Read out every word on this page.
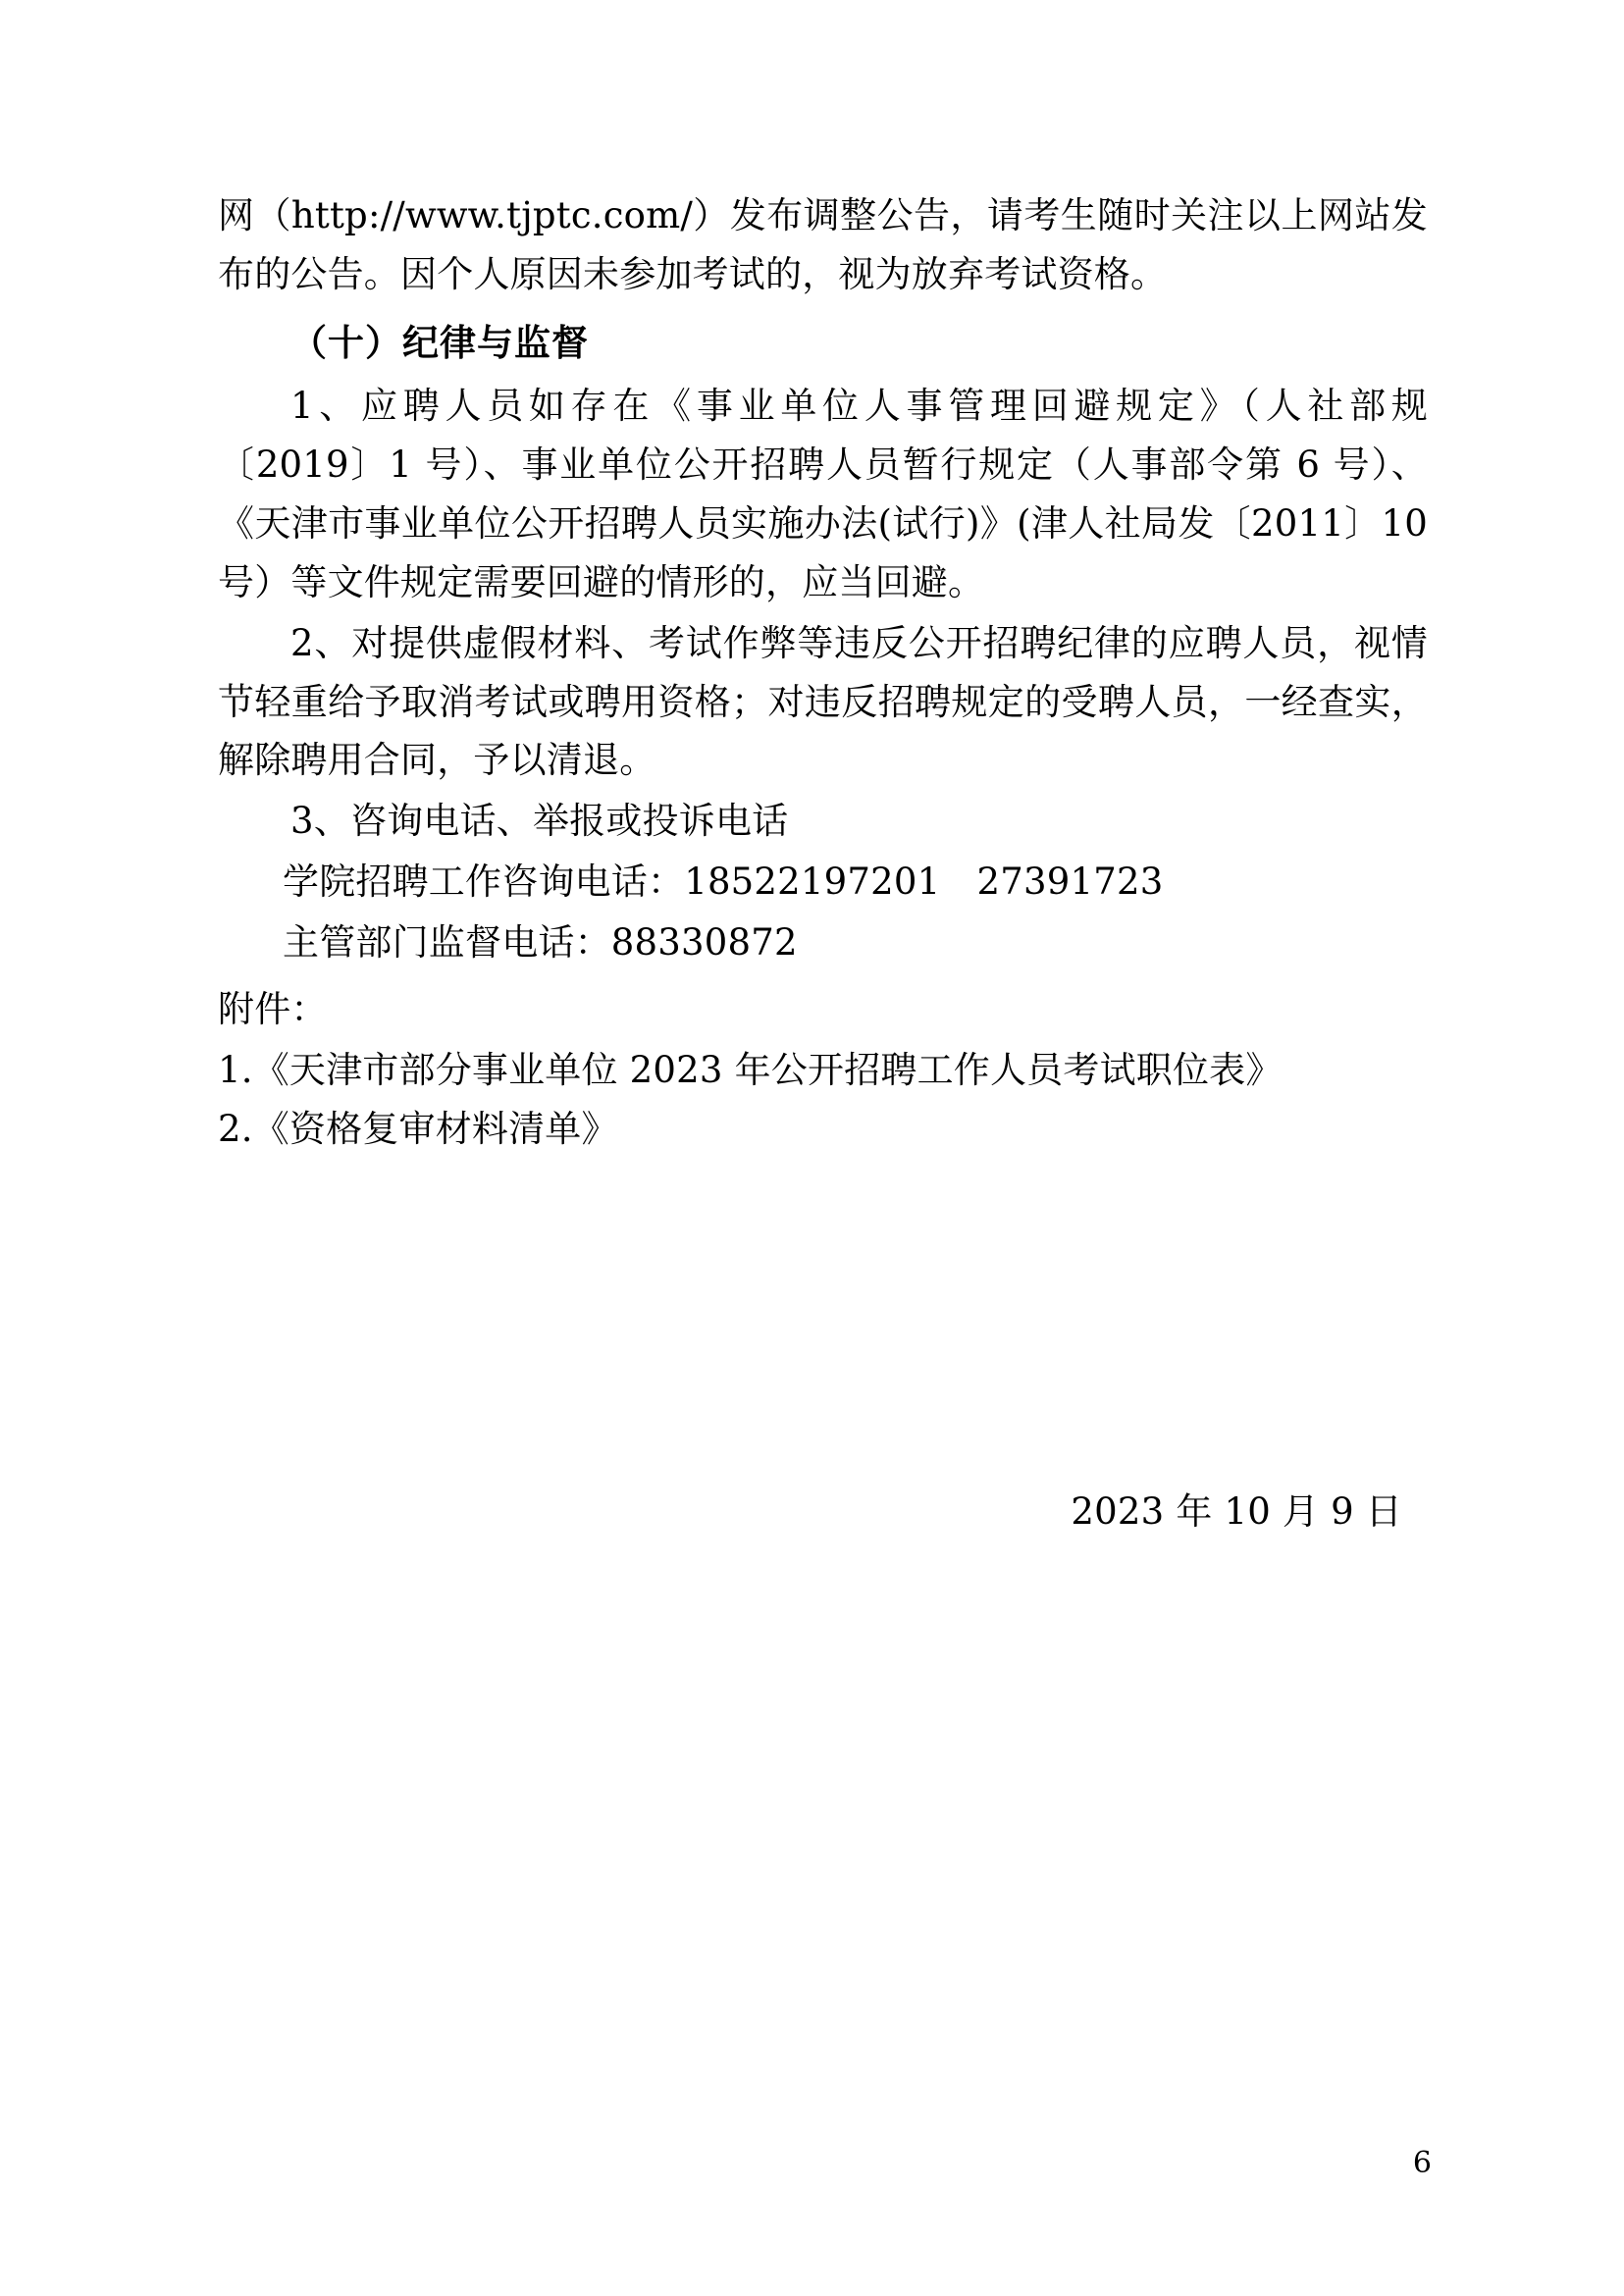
网（http://www.tjptc.com/）发布调整公告，请考生随时关注以上网站发布的公告。因个人原因未参加考试的，视为放弃考试资格。

（十）纪律与监督

1、应聘人员如存在《事业单位人事管理回避规定》（人社部规〔2019〕1 号）、事业单位公开招聘人员暂行规定（人事部令第 6 号）、《天津市事业单位公开招聘人员实施办法(试行)》(津人社局发〔2011〕10 号）等文件规定需要回避的情形的，应当回避。

2、对提供虚假材料、考试作弊等违反公开招聘纪律的应聘人员，视情节轻重给予取消考试或聘用资格；对违反招聘规定的受聘人员，一经查实，解除聘用合同，予以清退。

3、咨询电话、举报或投诉电话

学院招聘工作咨询电话：18522197201　27391723

主管部门监督电话：88330872

附件：

1.《天津市部分事业单位 2023 年公开招聘工作人员考试职位表》

2.《资格复审材料清单》

2023 年 10 月 9 日
6
